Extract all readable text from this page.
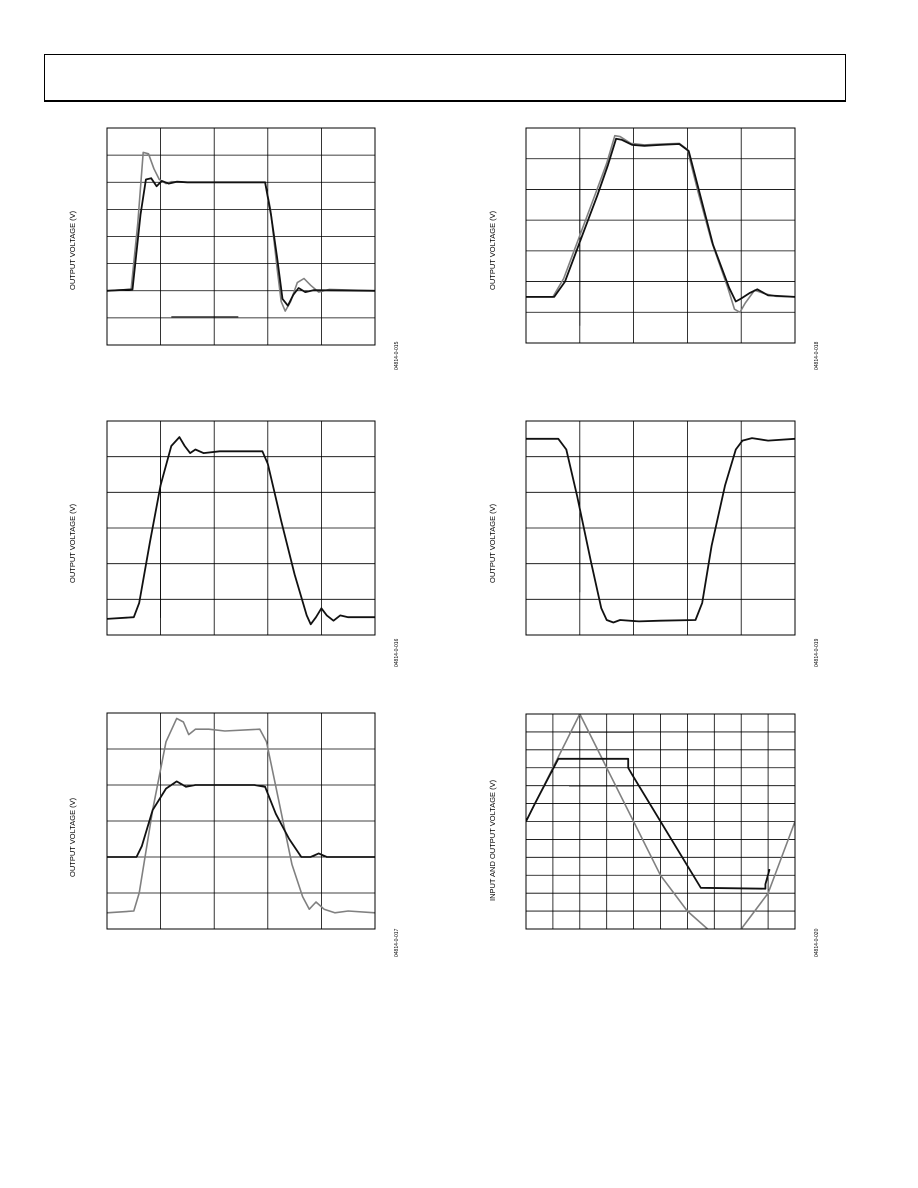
OUTPUT VOLTAGE (V)
04814-0-015
OUTPUT VOLTAGE (V)
04814-0-018
OUTPUT VOLTAGE (V)
04814-0-016
OUTPUT VOLTAGE (V)
04814-0-019
OUTPUT VOLTAGE (V)
04814-0-017
INPUT AND OUTPUT VOLTAGE (V)
04814-0-020
